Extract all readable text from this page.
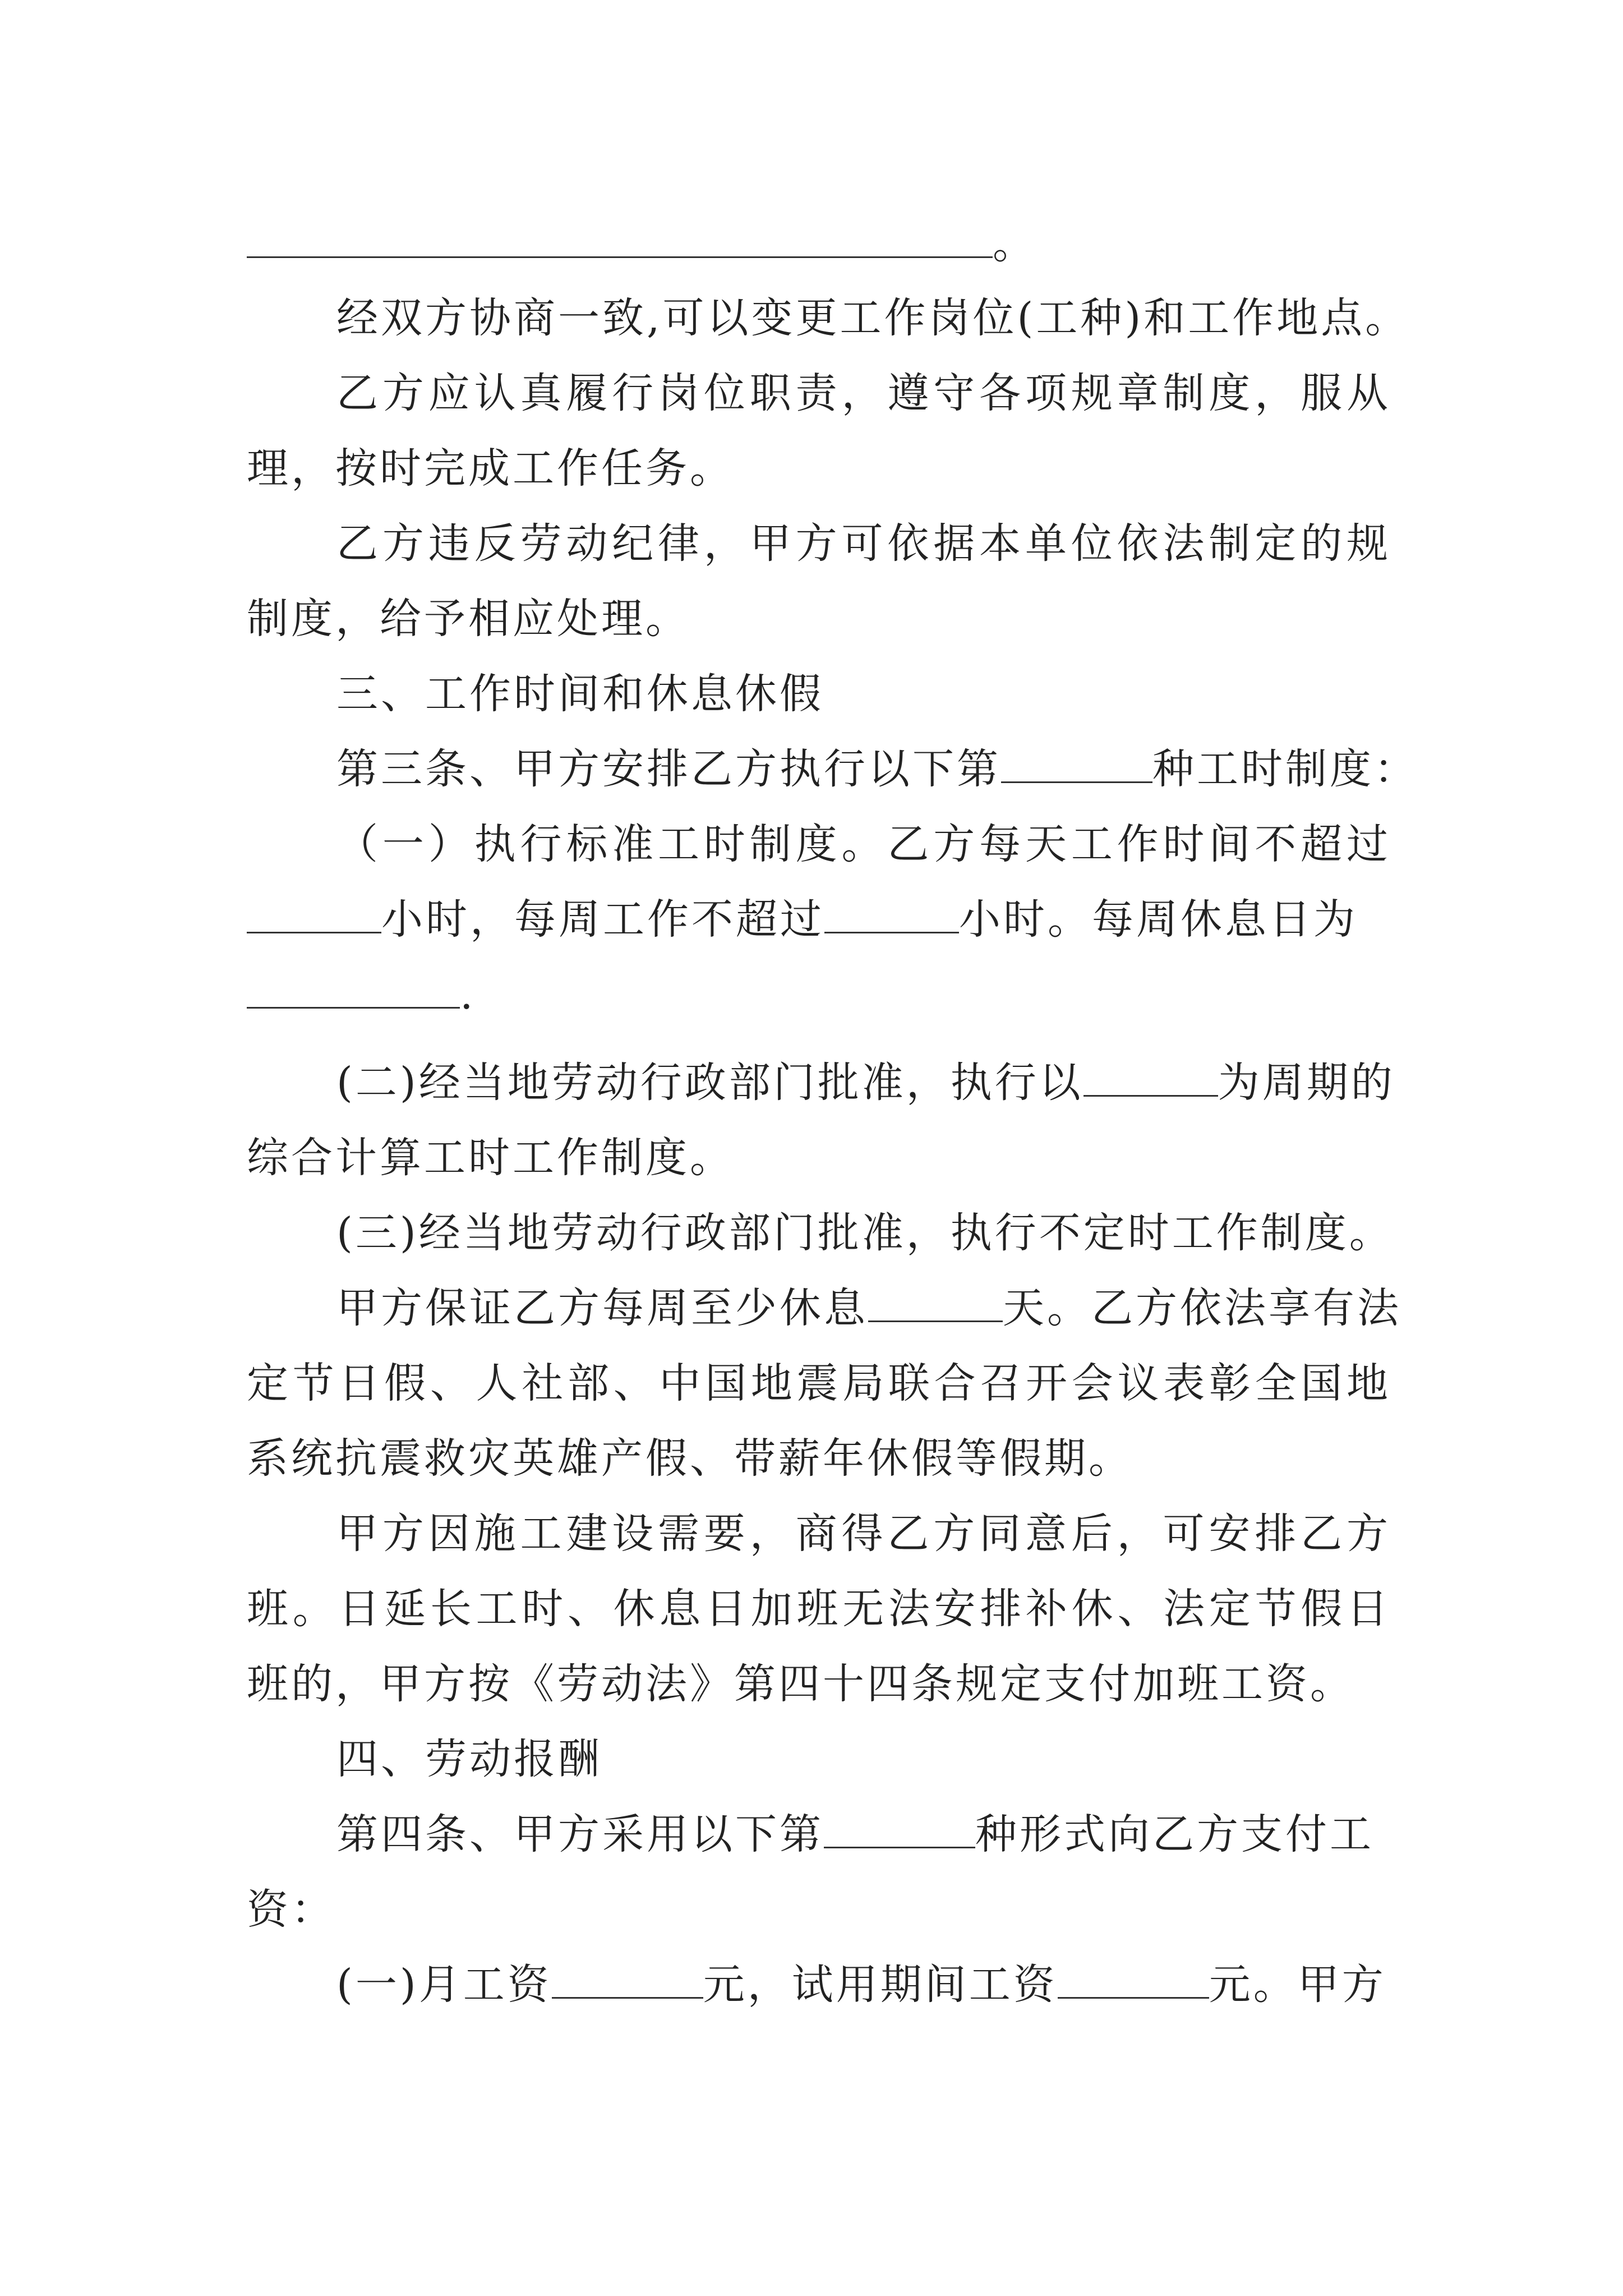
。
经双方协商一致,可以变更工作岗位(工种)和工作地点。
乙方应认真履行岗位职责，遵守各项规章制度，服从
理，按时完成工作任务。
乙方违反劳动纪律，甲方可依据本单位依法制定的规
制度，给予相应处理。
三、工作时间和休息休假
第三条、甲方安排乙方执行以下第	种工时制度：
（一）执行标准工时制度。乙方每天工作时间不超过
小时，每周工作不超过	小时。每周休息日为
.
(二)经当地劳动行政部门批准，执行以	为周期的
综合计算工时工作制度。
(三)经当地劳动行政部门批准，执行不定时工作制度。
甲方保证乙方每周至少休息	天。乙方依法享有法
定节日假、人社部、中国地震局联合召开会议表彰全国地
系统抗震救灾英雄产假、带薪年休假等假期。
甲方因施工建设需要，商得乙方同意后，可安排乙方
班。日延长工时、休息日加班无法安排补休、法定节假日
班的，甲方按《劳动法》第四十四条规定支付加班工资。
四、劳动报酬
第四条、甲方采用以下第	种形式向乙方支付工
资：
(一)月工资	元，试用期间工资	元。甲方
